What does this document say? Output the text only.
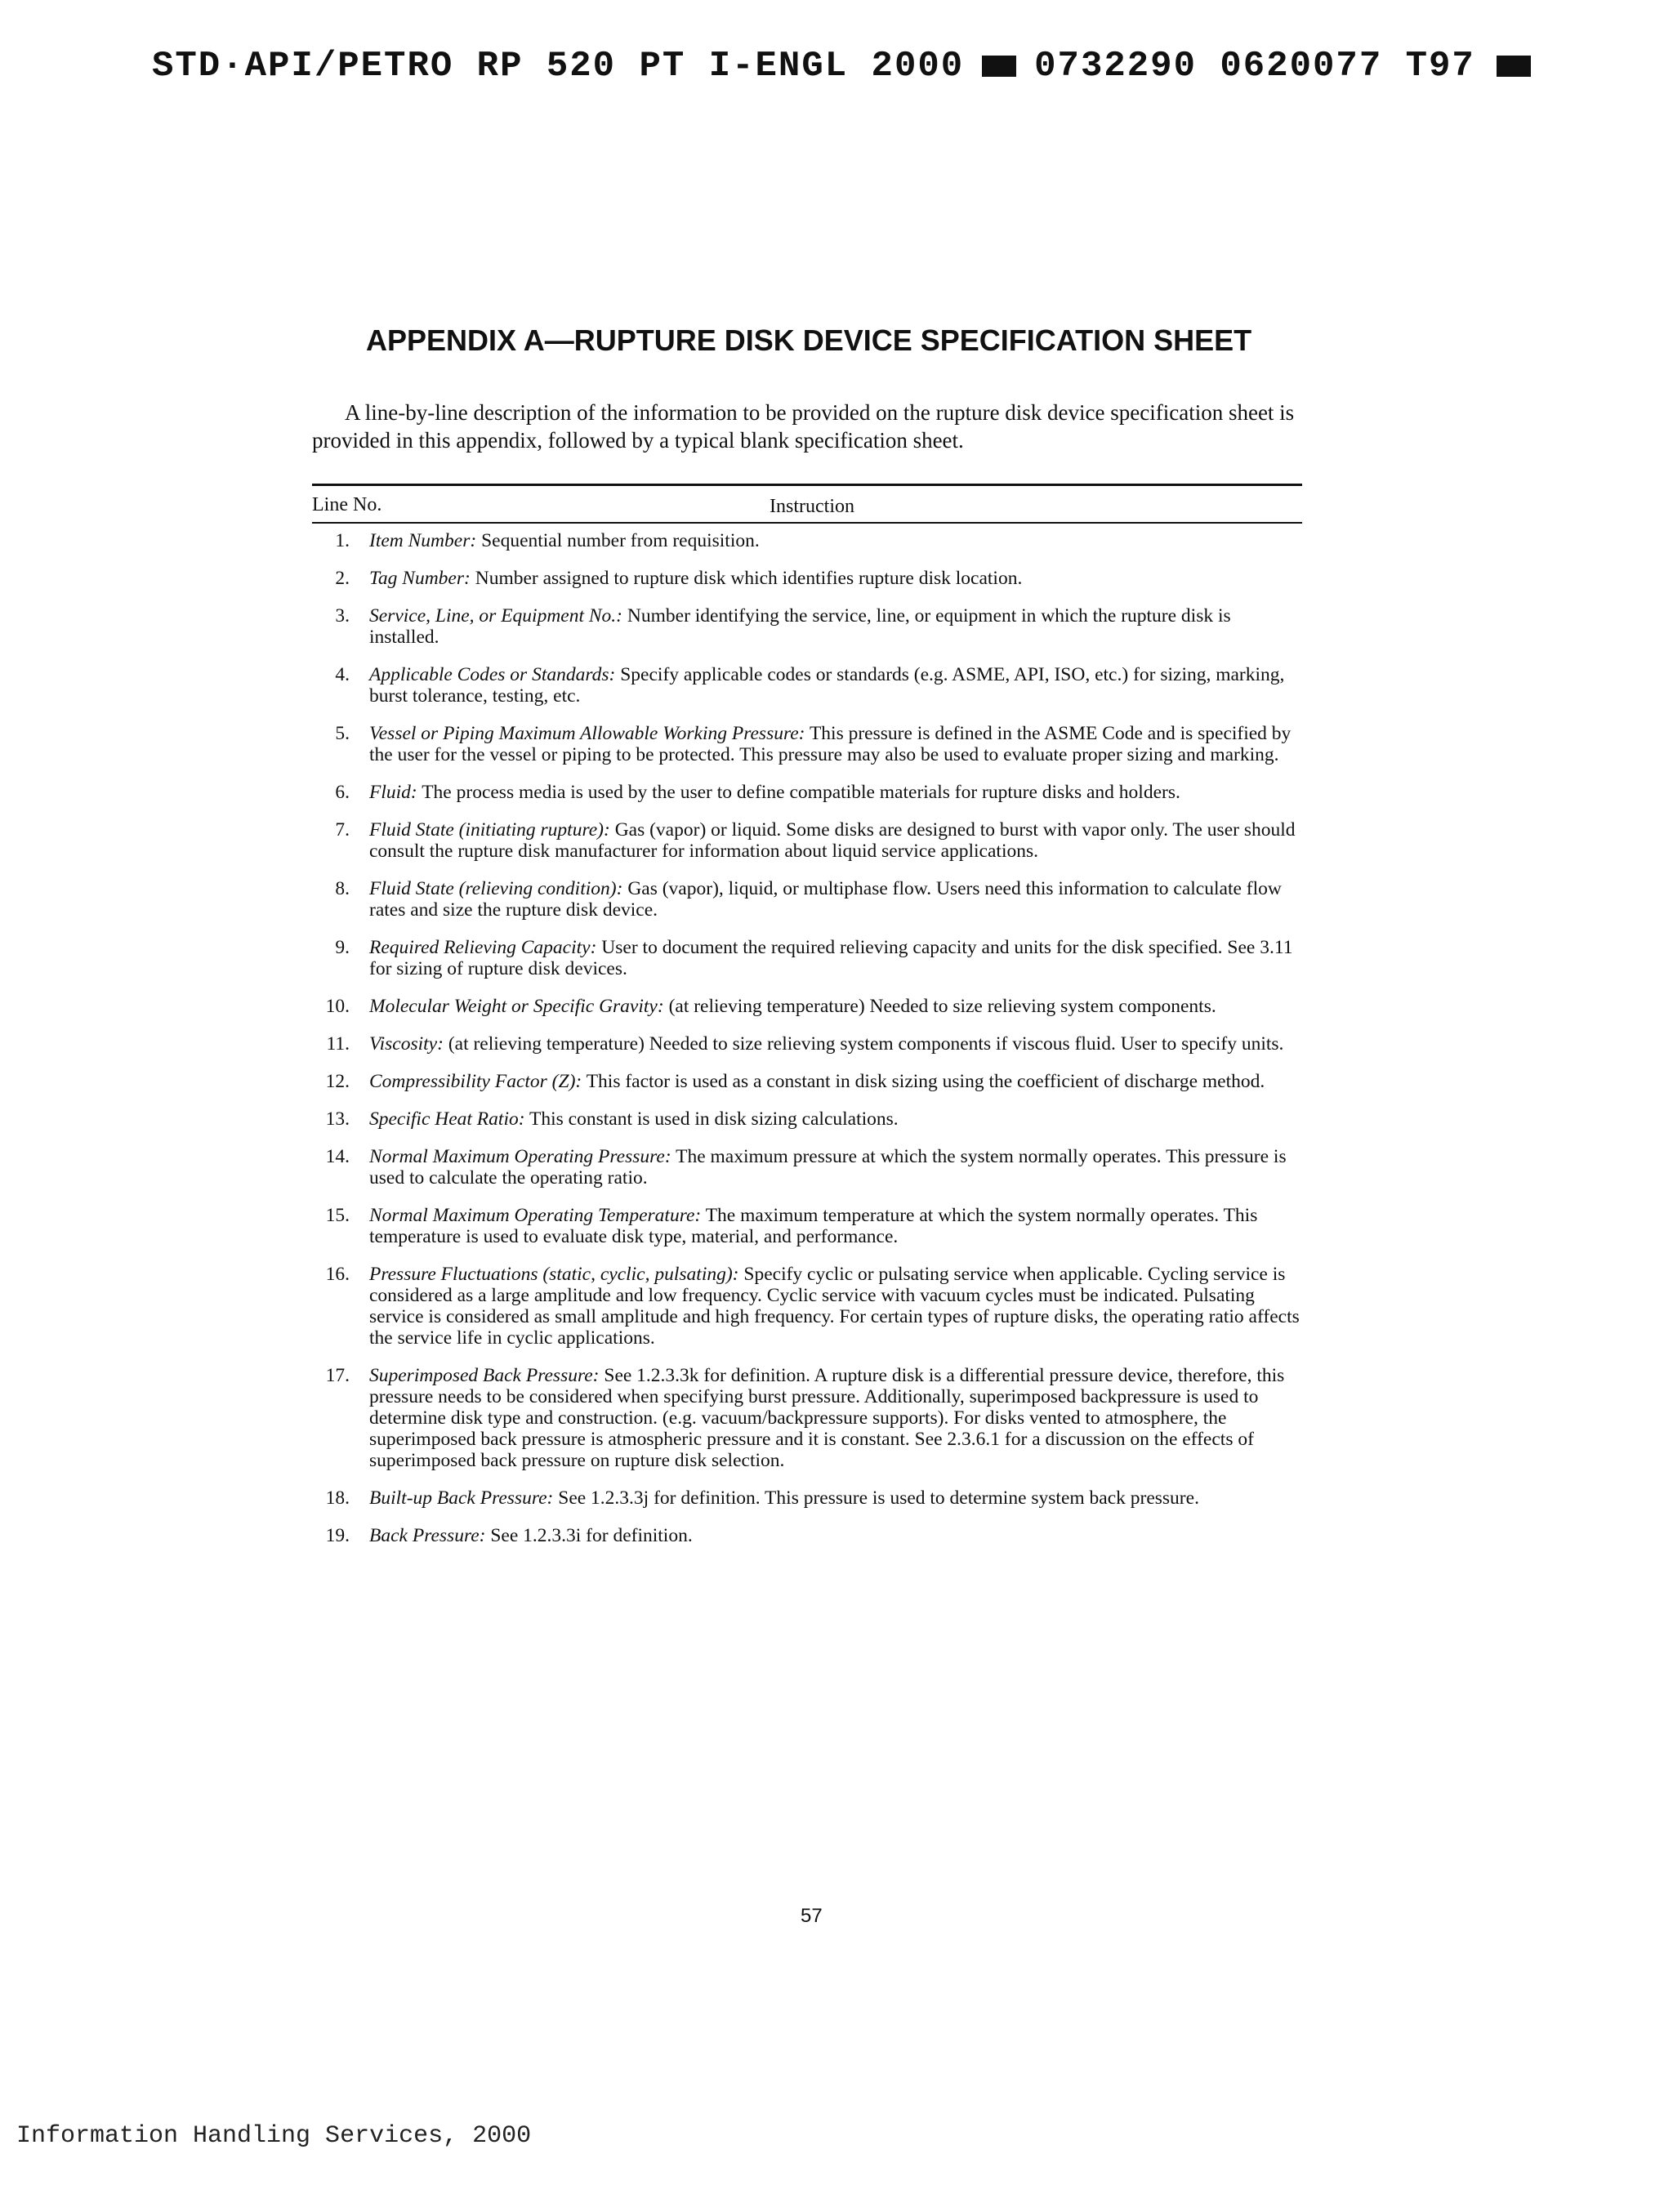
STD·API/PETRO RP 520 PT I-ENGL 2000 0732290 0620077 T97
APPENDIX A—RUPTURE DISK DEVICE SPECIFICATION SHEET
A line-by-line description of the information to be provided on the rupture disk device specification sheet is provided in this appendix, followed by a typical blank specification sheet.
Line No.	Instruction
1.	Item Number: Sequential number from requisition.
2.	Tag Number: Number assigned to rupture disk which identifies rupture disk location.
3.	Service, Line, or Equipment No.: Number identifying the service, line, or equipment in which the rupture disk is installed.
4.	Applicable Codes or Standards: Specify applicable codes or standards (e.g. ASME, API, ISO, etc.) for sizing, marking, burst tolerance, testing, etc.
5.	Vessel or Piping Maximum Allowable Working Pressure: This pressure is defined in the ASME Code and is specified by the user for the vessel or piping to be protected. This pressure may also be used to evaluate proper sizing and marking.
6.	Fluid: The process media is used by the user to define compatible materials for rupture disks and holders.
7.	Fluid State (initiating rupture): Gas (vapor) or liquid. Some disks are designed to burst with vapor only. The user should consult the rupture disk manufacturer for information about liquid service applications.
8.	Fluid State (relieving condition): Gas (vapor), liquid, or multiphase flow. Users need this information to calculate flow rates and size the rupture disk device.
9.	Required Relieving Capacity: User to document the required relieving capacity and units for the disk specified. See 3.11 for sizing of rupture disk devices.
10.	Molecular Weight or Specific Gravity: (at relieving temperature) Needed to size relieving system components.
11.	Viscosity: (at relieving temperature) Needed to size relieving system components if viscous fluid. User to specify units.
12.	Compressibility Factor (Z): This factor is used as a constant in disk sizing using the coefficient of discharge method.
13.	Specific Heat Ratio: This constant is used in disk sizing calculations.
14.	Normal Maximum Operating Pressure: The maximum pressure at which the system normally operates. This pressure is used to calculate the operating ratio.
15.	Normal Maximum Operating Temperature: The maximum temperature at which the system normally operates. This temperature is used to evaluate disk type, material, and performance.
16.	Pressure Fluctuations (static, cyclic, pulsating): Specify cyclic or pulsating service when applicable. Cycling service is considered as a large amplitude and low frequency. Cyclic service with vacuum cycles must be indicated. Pulsating service is considered as small amplitude and high frequency. For certain types of rupture disks, the operating ratio affects the service life in cyclic applications.
17.	Superimposed Back Pressure: See 1.2.3.3k for definition. A rupture disk is a differential pressure device, therefore, this pressure needs to be considered when specifying burst pressure. Additionally, superimposed backpressure is used to determine disk type and construction. (e.g. vacuum/backpressure supports). For disks vented to atmosphere, the superimposed back pressure is atmospheric pressure and it is constant. See 2.3.6.1 for a discussion on the effects of superimposed back pressure on rupture disk selection.
18.	Built-up Back Pressure: See 1.2.3.3j for definition. This pressure is used to determine system back pressure.
19.	Back Pressure: See 1.2.3.3i for definition.
57
Information Handling Services, 2000
